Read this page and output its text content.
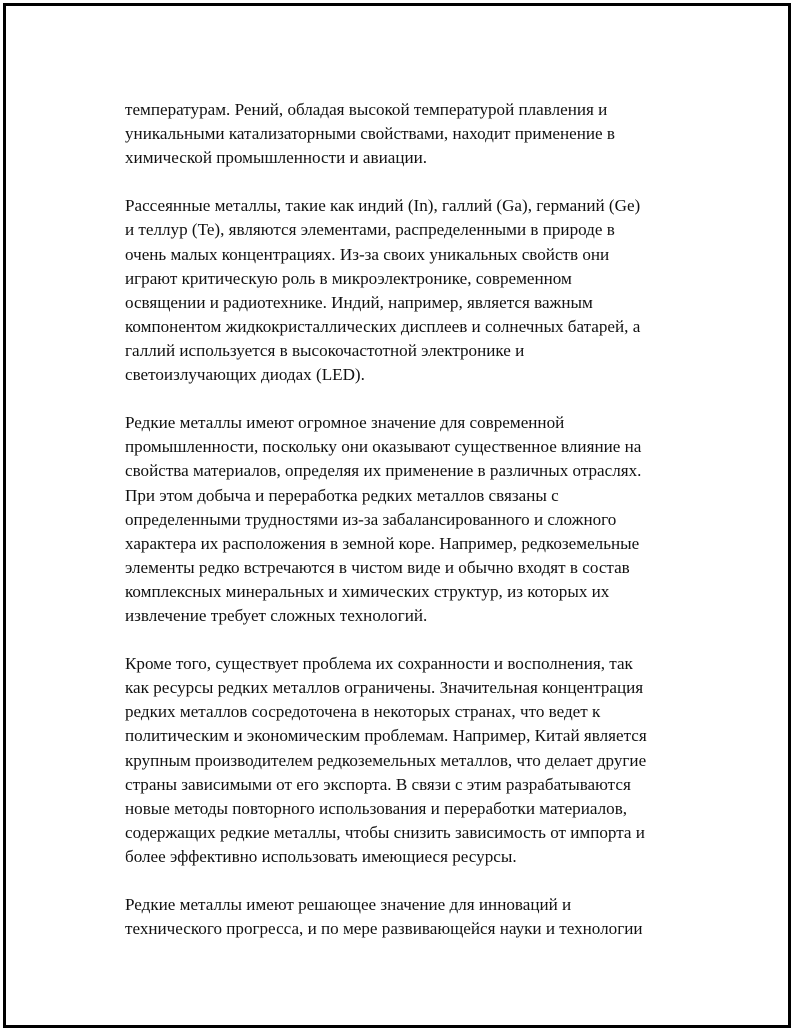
температурам. Рений, обладая высокой температурой плавления и
уникальными катализаторными свойствами, находит применение в
химической промышленности и авиации.

Рассеянные металлы, такие как индий (In), галлий (Ga), германий (Ge)
и теллур (Te), являются элементами, распределенными в природе в
очень малых концентрациях. Из-за своих уникальных свойств они
играют критическую роль в микроэлектронике, современном
освящении и радиотехнике. Индий, например, является важным
компонентом жидкокристаллических дисплеев и солнечных батарей, а
галлий используется в высокочастотной электронике и
светоизлучающих диодах (LED).

Редкие металлы имеют огромное значение для современной
промышленности, поскольку они оказывают существенное влияние на
свойства материалов, определяя их применение в различных отраслях.
При этом добыча и переработка редких металлов связаны с
определенными трудностями из-за забалансированного и сложного
характера их расположения в земной коре. Например, редкоземельные
элементы редко встречаются в чистом виде и обычно входят в состав
комплексных минеральных и химических структур, из которых их
извлечение требует сложных технологий.

Кроме того, существует проблема их сохранности и восполнения, так
как ресурсы редких металлов ограничены. Значительная концентрация
редких металлов сосредоточена в некоторых странах, что ведет к
политическим и экономическим проблемам. Например, Китай является
крупным производителем редкоземельных металлов, что делает другие
страны зависимыми от его экспорта. В связи с этим разрабатываются
новые методы повторного использования и переработки материалов,
содержащих редкие металлы, чтобы снизить зависимость от импорта и
более эффективно использовать имеющиеся ресурсы.

Редкие металлы имеют решающее значение для инноваций и
технического прогресса, и по мере развивающейся науки и технологии
